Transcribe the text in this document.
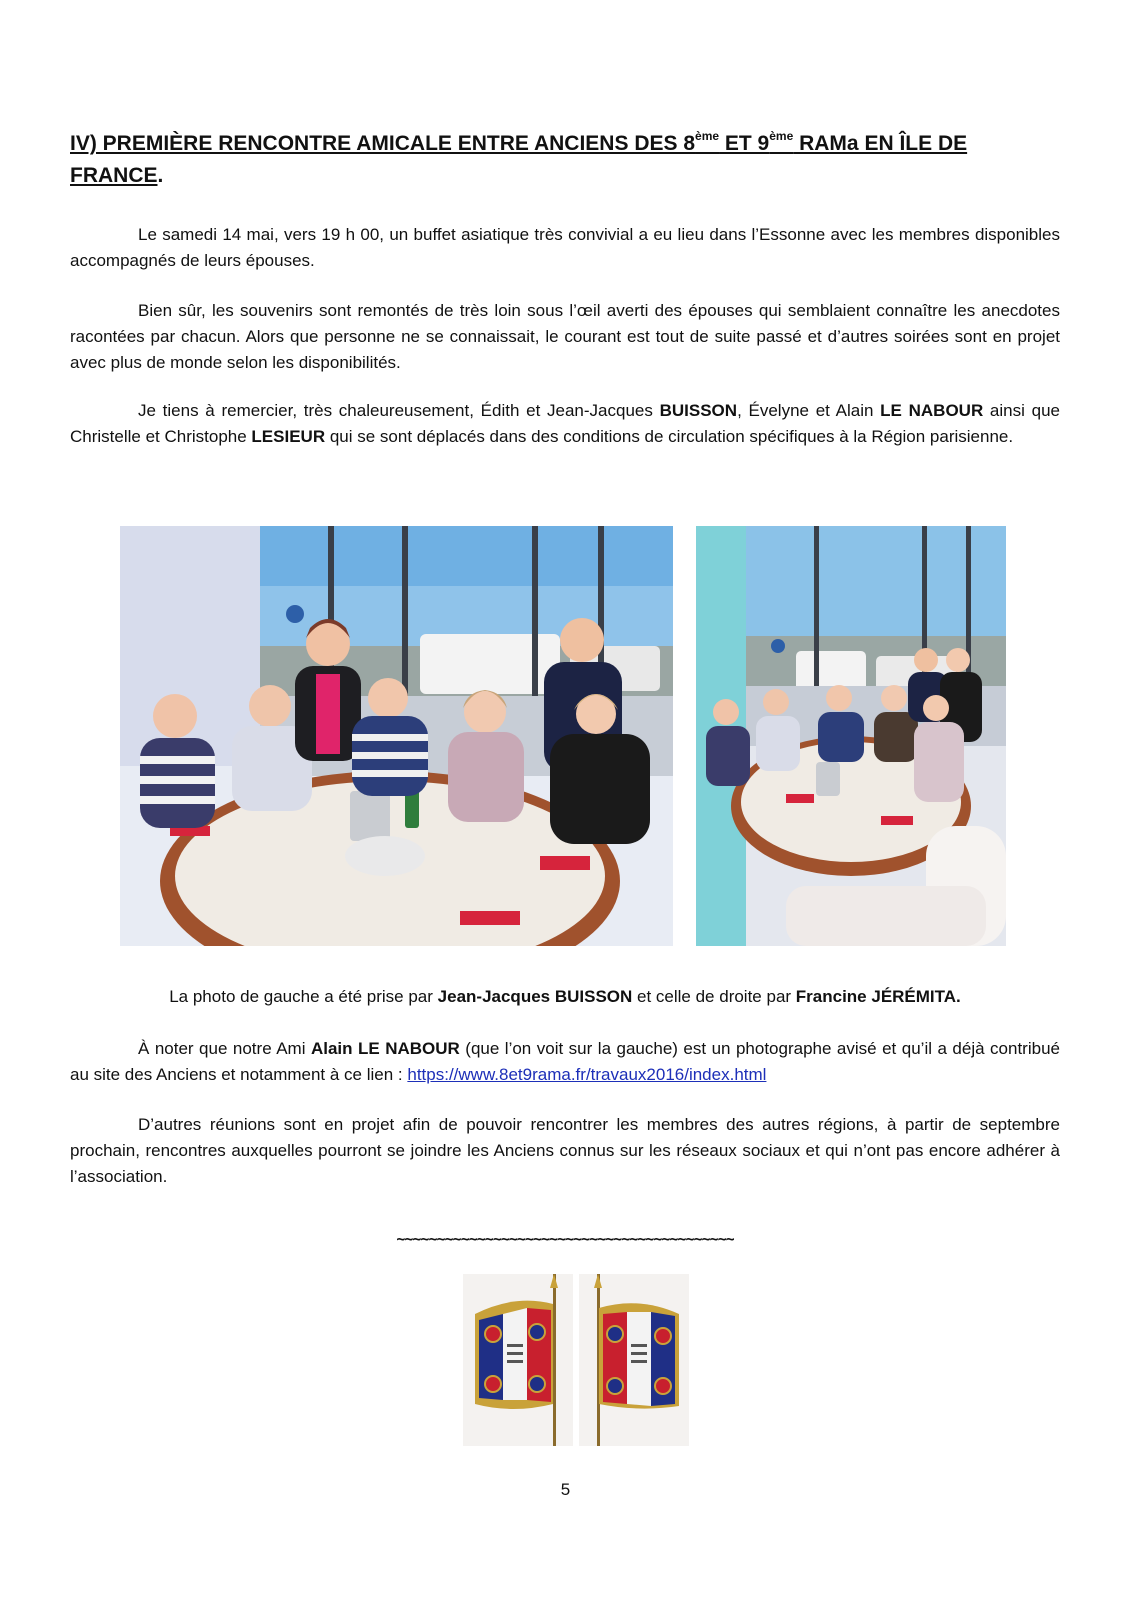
IV) PREMIÈRE RENCONTRE AMICALE ENTRE ANCIENS DES 8ème ET 9ème RAMa EN ÎLE DE FRANCE.

Le samedi 14 mai, vers 19 h 00, un buffet asiatique très convivial a eu lieu dans l’Essonne avec les membres disponibles accompagnés de leurs épouses.

Bien sûr, les souvenirs sont remontés de très loin sous l’œil averti des épouses qui semblaient connaître les anecdotes racontées par chacun. Alors que personne ne se connaissait, le courant est tout de suite passé et d’autres soirées sont en projet avec plus de monde selon les disponibilités.

Je tiens à remercier, très chaleureusement, Édith et Jean-Jacques BUISSON, Évelyne et Alain LE NABOUR ainsi que Christelle et Christophe LESIEUR qui se sont déplacés dans des conditions de circulation spécifiques à la Région parisienne.

La photo de gauche a été prise par Jean-Jacques BUISSON et celle de droite par Francine JÉRÉMITA.

À noter que notre Ami Alain LE NABOUR (que l’on voit sur la gauche) est un photographe avisé et qu’il a déjà contribué au site des Anciens et notamment à ce lien : https://www.8et9rama.fr/travaux2016/index.html

D’autres réunions sont en projet afin de pouvoir rencontrer les membres des autres régions, à partir de septembre prochain, rencontres auxquelles pourront se joindre les Anciens connus sur les réseaux sociaux et qui n’ont pas encore adhérer à l’association.

~~~~~~~~~~~~~~~~~~~~~~~~~~~~~~~~~~~~~~~~~~
5
